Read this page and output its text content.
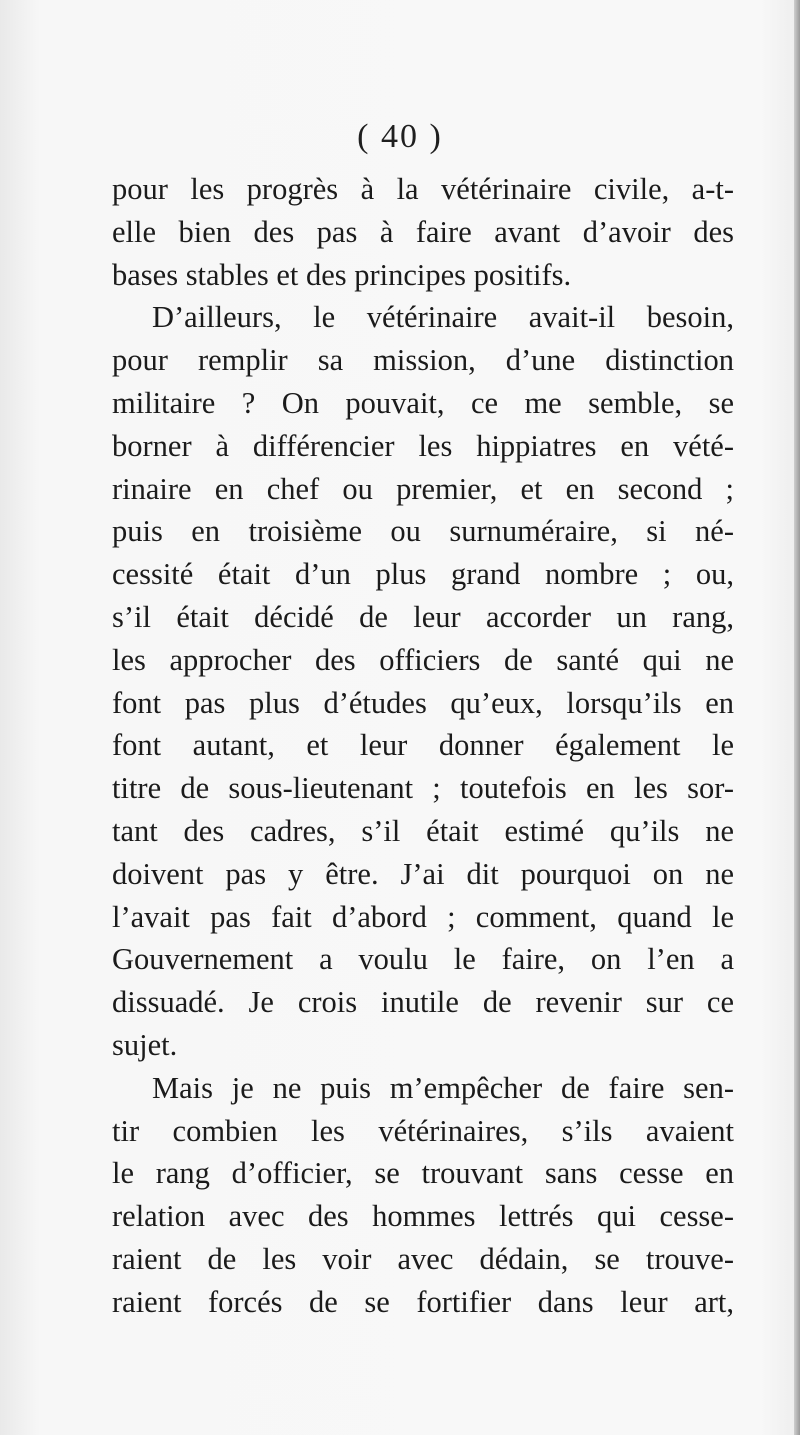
( 40 )
pour les progrès à la vétérinaire civile, a-t-
elle bien des pas à faire avant d’avoir des
bases stables et des principes positifs.
D’ailleurs, le vétérinaire avait-il besoin,
pour remplir sa mission, d’une distinction
militaire ? On pouvait, ce me semble, se
borner à différencier les hippiatres en vété-
rinaire en chef ou premier, et en second ;
puis en troisième ou surnuméraire, si né-
cessité était d’un plus grand nombre ; ou,
s’il était décidé de leur accorder un rang,
les approcher des officiers de santé qui ne
font pas plus d’études qu’eux, lorsqu’ils en
font autant, et leur donner également le
titre de sous-lieutenant ; toutefois en les sor-
tant des cadres, s’il était estimé qu’ils ne
doivent pas y être. J’ai dit pourquoi on ne
l’avait pas fait d’abord ; comment, quand le
Gouvernement a voulu le faire, on l’en a
dissuadé. Je crois inutile de revenir sur ce
sujet.
Mais je ne puis m’empêcher de faire sen-
tir combien les vétérinaires, s’ils avaient
le rang d’officier, se trouvant sans cesse en
relation avec des hommes lettrés qui cesse-
raient de les voir avec dédain, se trouve-
raient forcés de se fortifier dans leur art,
